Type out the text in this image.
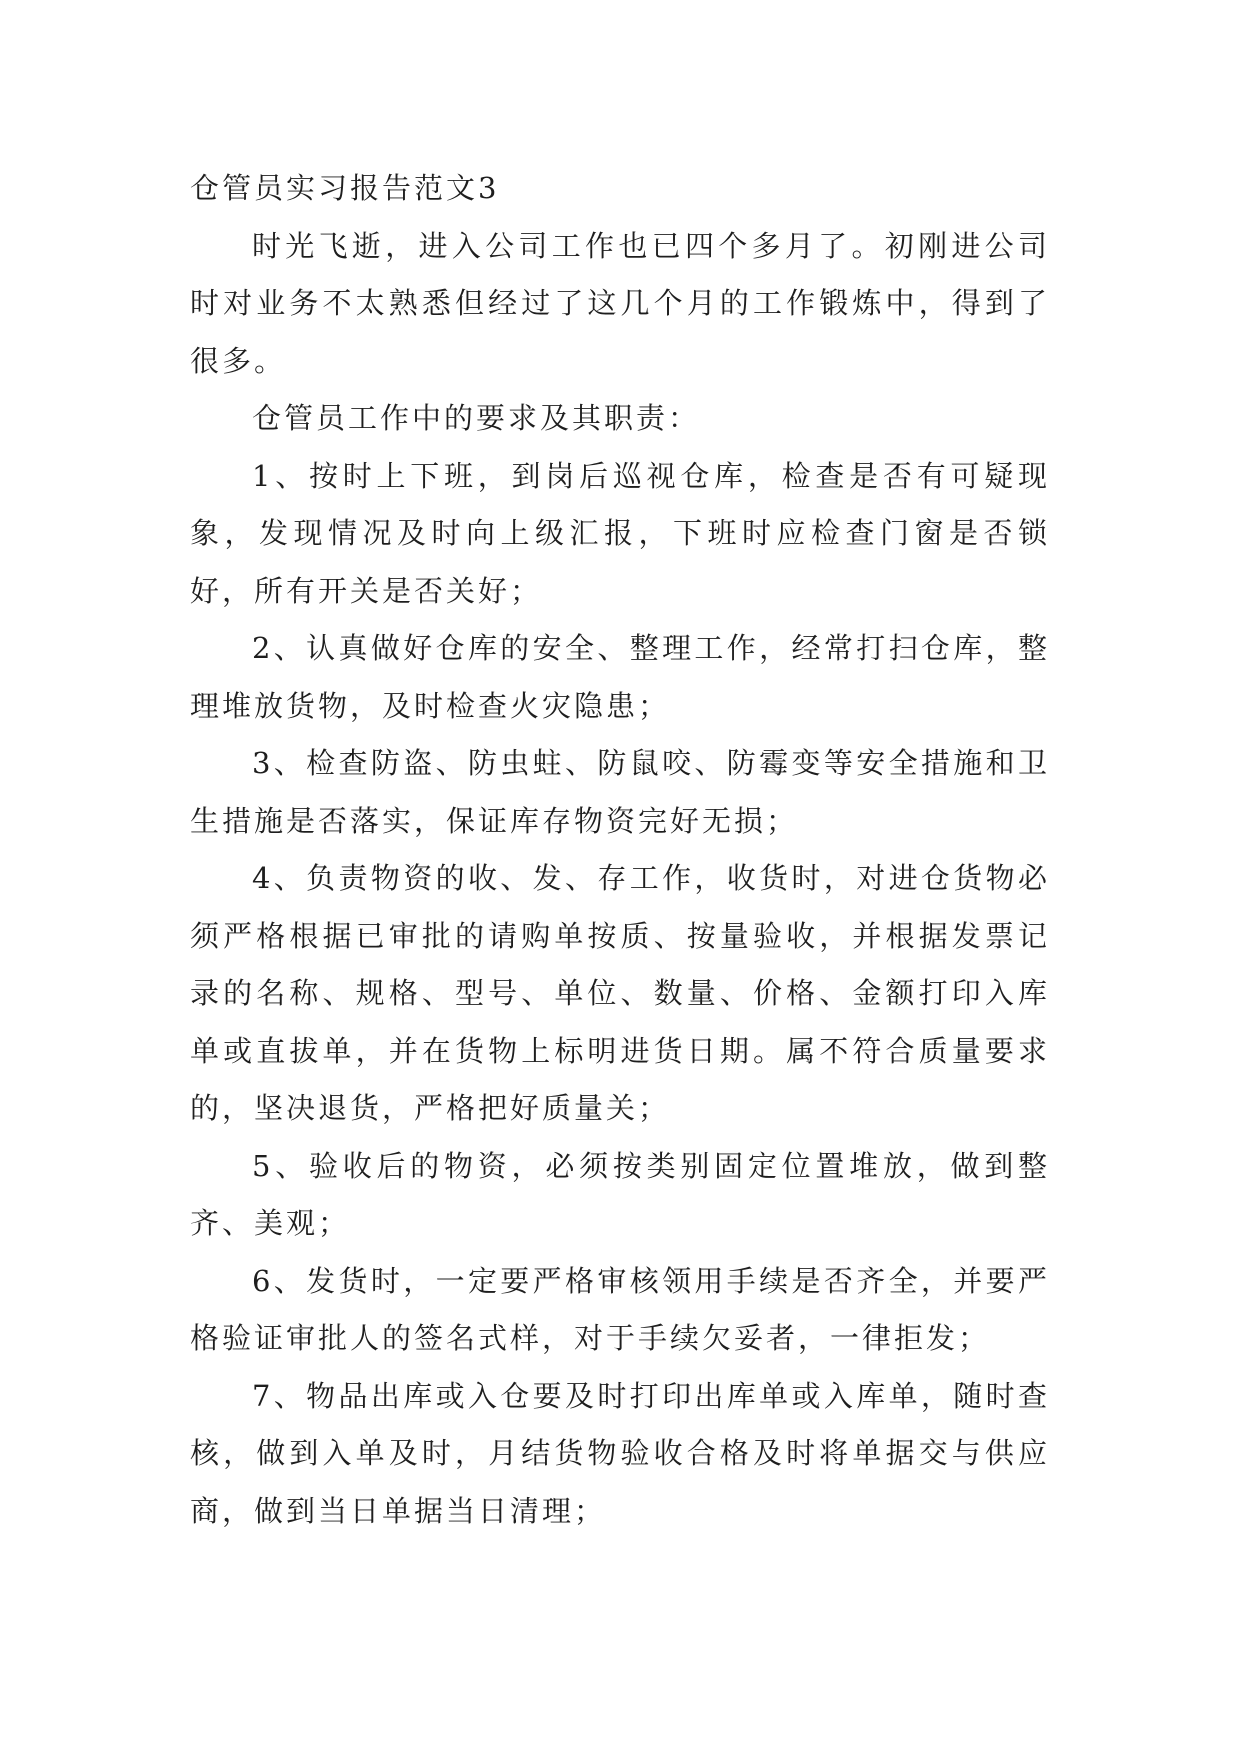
仓管员实习报告范文3

时光飞逝，进入公司工作也已四个多月了。初刚进公司时对业务不太熟悉但经过了这几个月的工作锻炼中，得到了很多。

仓管员工作中的要求及其职责：

1、按时上下班，到岗后巡视仓库，检查是否有可疑现象，发现情况及时向上级汇报，下班时应检查门窗是否锁好，所有开关是否关好；

2、认真做好仓库的安全、整理工作，经常打扫仓库，整理堆放货物，及时检查火灾隐患；

3、检查防盗、防虫蛀、防鼠咬、防霉变等安全措施和卫生措施是否落实，保证库存物资完好无损；

4、负责物资的收、发、存工作，收货时，对进仓货物必须严格根据已审批的请购单按质、按量验收，并根据发票记录的名称、规格、型号、单位、数量、价格、金额打印入库单或直拔单，并在货物上标明进货日期。属不符合质量要求的，坚决退货，严格把好质量关；

5、验收后的物资，必须按类别固定位置堆放，做到整齐、美观；

6、发货时，一定要严格审核领用手续是否齐全，并要严格验证审批人的签名式样，对于手续欠妥者，一律拒发；

7、物品出库或入仓要及时打印出库单或入库单，随时查核，做到入单及时，月结货物验收合格及时将单据交与供应商，做到当日单据当日清理；
